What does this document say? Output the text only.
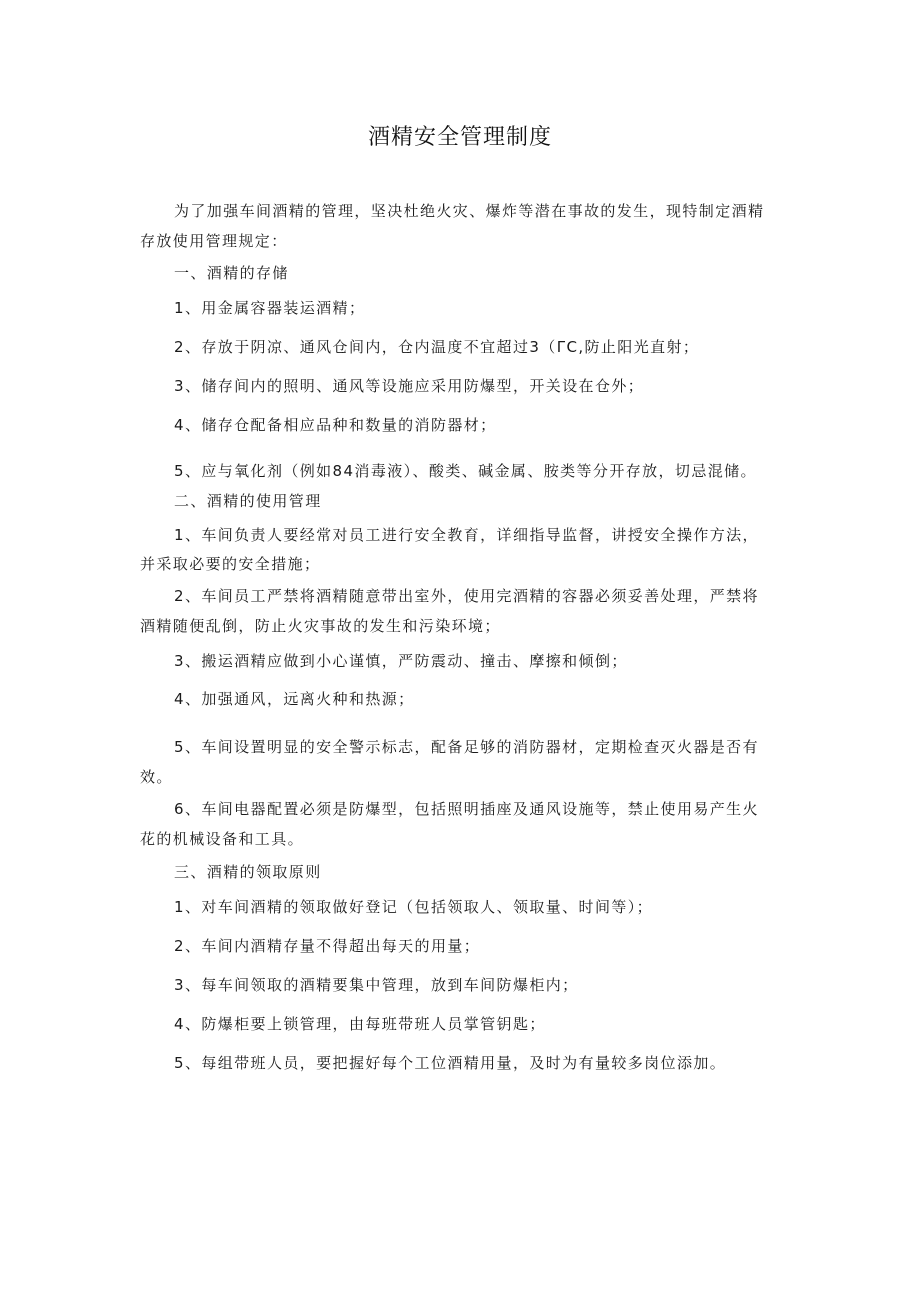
酒精安全管理制度
为了加强车间酒精的管理，坚决杜绝火灾、爆炸等潜在事故的发生，现特制定酒精
存放使用管理规定：
一、酒精的存储
1、用金属容器装运酒精；
2、存放于阴凉、通风仓间内，仓内温度不宜超过3（ΓC,防止阳光直射；
3、储存间内的照明、通风等设施应采用防爆型，开关设在仓外；
4、储存仓配备相应品种和数量的消防器材；
5、应与氧化剂（例如84消毒液）、酸类、碱金属、胺类等分开存放，切忌混储。
二、酒精的使用管理
1、车间负责人要经常对员工进行安全教育，详细指导监督，讲授安全操作方法，
并采取必要的安全措施；
2、车间员工严禁将酒精随意带出室外，使用完酒精的容器必须妥善处理，严禁将
酒精随便乱倒，防止火灾事故的发生和污染环境；
3、搬运酒精应做到小心谨慎，严防震动、撞击、摩擦和倾倒；
4、加强通风，远离火种和热源；
5、车间设置明显的安全警示标志，配备足够的消防器材，定期检查灭火器是否有
效。
6、车间电器配置必须是防爆型，包括照明插座及通风设施等，禁止使用易产生火
花的机械设备和工具。
三、酒精的领取原则
1、对车间酒精的领取做好登记（包括领取人、领取量、时间等）；
2、车间内酒精存量不得超出每天的用量；
3、每车间领取的酒精要集中管理，放到车间防爆柜内；
4、防爆柜要上锁管理，由每班带班人员掌管钥匙；
5、每组带班人员，要把握好每个工位酒精用量，及时为有量较多岗位添加。
